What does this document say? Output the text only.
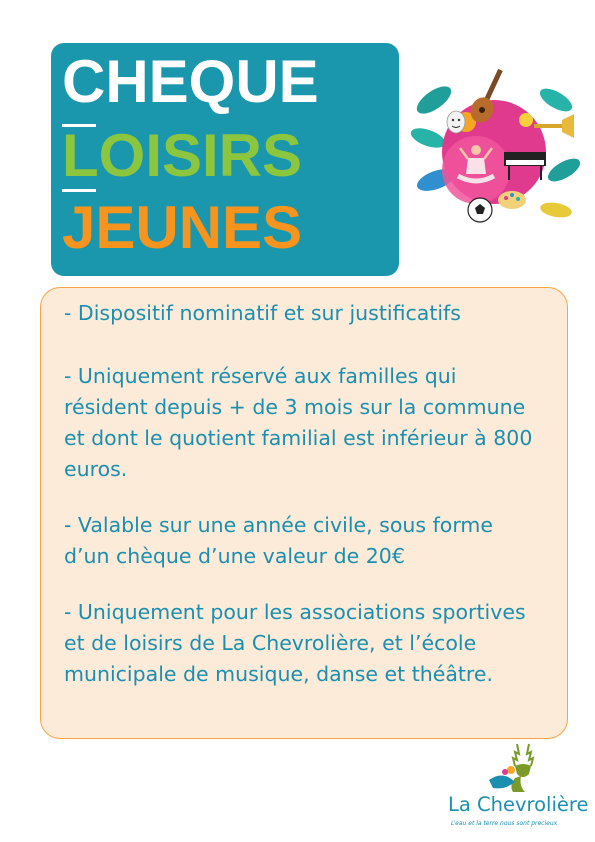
CHEQUE
LOISIRS
JEUNES

- Dispositif nominatif et sur justificatifs

- Uniquement réservé aux familles qui résident depuis + de 3 mois sur la commune et dont le quotient familial est inférieur à 800 euros.

- Valable sur une année civile, sous forme d’un chèque d’une valeur de 20€

- Uniquement pour les associations sportives et de loisirs de La Chevrolière, et l’école municipale de musique, danse et théâtre.

La Chevrolière
L’eau et la terre nous sont precieux
